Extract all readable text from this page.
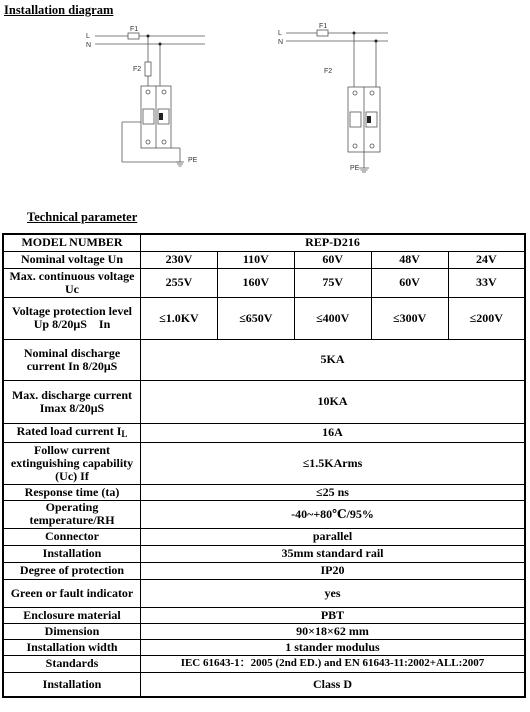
Installation diagram
L
N
F1
F2
PE
L
N
F1
F2
PE
Technical parameter
MODEL NUMBER	REP-D216				
Nominal voltage Un	230V	110V	60V	48V	24V
Max. continuous voltage Uc	255V	160V	75V	60V	33V
Voltage protection level Up 8/20μS　In	≤1.0KV	≤650V	≤400V	≤300V	≤200V
Nominal discharge current In 8/20μS	5KA				
Max. discharge current Imax 8/20μS	10KA				
Rated load current $I_L$	16A				
Follow current extinguishing capability (Uc) If	≤1.5KArms				
Response time (ta)	≤25 ns				
Operating temperature/RH	-40~+80℃/95%				
Connector	parallel				
Installation	35mm standard rail				
Degree of protection	IP20				
Green or fault indicator	yes				
Enclosure material	PBT				
Dimension	90×18×62 mm				
Installation width	1 stander modulus				
Standards	IEC 61643-1：2005 (2nd ED.) and EN 61643-11:2002+ALL:2007				
Installation	Class D				
